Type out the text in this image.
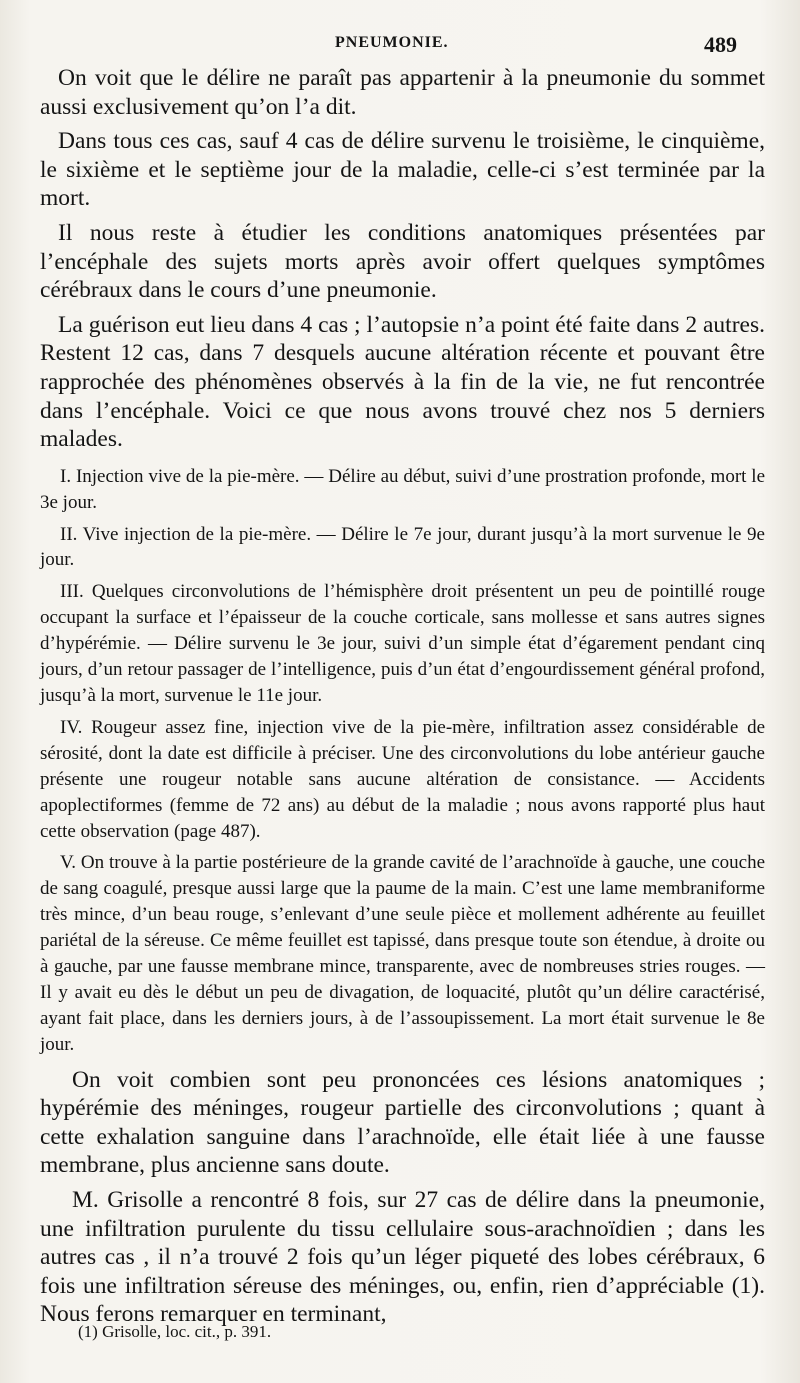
PNEUMONIE.	489

On voit que le délire ne paraît pas appartenir à la pneumonie du sommet aussi exclusivement qu’on l’a dit.

Dans tous ces cas, sauf 4 cas de délire survenu le troisième, le cinquième, le sixième et le septième jour de la maladie, celle-ci s’est terminée par la mort.

Il nous reste à étudier les conditions anatomiques présentées par l’encéphale des sujets morts après avoir offert quelques symptômes cérébraux dans le cours d’une pneumonie.

La guérison eut lieu dans 4 cas ; l’autopsie n’a point été faite dans 2 autres. Restent 12 cas, dans 7 desquels aucune altération récente et pouvant être rapprochée des phénomènes observés à la fin de la vie, ne fut rencontrée dans l’encéphale. Voici ce que nous avons trouvé chez nos 5 derniers malades.

I. Injection vive de la pie-mère. — Délire au début, suivi d’une prostration profonde, mort le 3e jour.

II. Vive injection de la pie-mère. — Délire le 7e jour, durant jusqu’à la mort survenue le 9e jour.

III. Quelques circonvolutions de l’hémisphère droit présentent un peu de pointillé rouge occupant la surface et l’épaisseur de la couche corticale, sans mollesse et sans autres signes d’hypérémie. — Délire survenu le 3e jour, suivi d’un simple état d’égarement pendant cinq jours, d’un retour passager de l’intelligence, puis d’un état d’engourdissement général profond, jusqu’à la mort, survenue le 11e jour.

IV. Rougeur assez fine, injection vive de la pie-mère, infiltration assez considérable de sérosité, dont la date est difficile à préciser. Une des circonvolutions du lobe antérieur gauche présente une rougeur notable sans aucune altération de consistance. — Accidents apoplectiformes (femme de 72 ans) au début de la maladie ; nous avons rapporté plus haut cette observation (page 487).

V. On trouve à la partie postérieure de la grande cavité de l’arachnoïde à gauche, une couche de sang coagulé, presque aussi large que la paume de la main. C’est une lame membraniforme très mince, d’un beau rouge, s’enlevant d’une seule pièce et mollement adhérente au feuillet pariétal de la séreuse. Ce même feuillet est tapissé, dans presque toute son étendue, à droite ou à gauche, par une fausse membrane mince, transparente, avec de nombreuses stries rouges. — Il y avait eu dès le début un peu de divagation, de loquacité, plutôt qu’un délire caractérisé, ayant fait place, dans les derniers jours, à de l’assoupissement. La mort était survenue le 8e jour.

On voit combien sont peu prononcées ces lésions anatomiques ; hypérémie des méninges, rougeur partielle des circonvolutions ; quant à cette exhalation sanguine dans l’arachnoïde, elle était liée à une fausse membrane, plus ancienne sans doute.

M. Grisolle a rencontré 8 fois, sur 27 cas de délire dans la pneumonie, une infiltration purulente du tissu cellulaire sous-arachnoïdien ; dans les autres cas , il n’a trouvé 2 fois qu’un léger piqueté des lobes cérébraux, 6 fois une infiltration séreuse des méninges, ou, enfin, rien d’appréciable (1). Nous ferons remarquer en terminant,

(1) Grisolle, loc. cit., p. 391.
